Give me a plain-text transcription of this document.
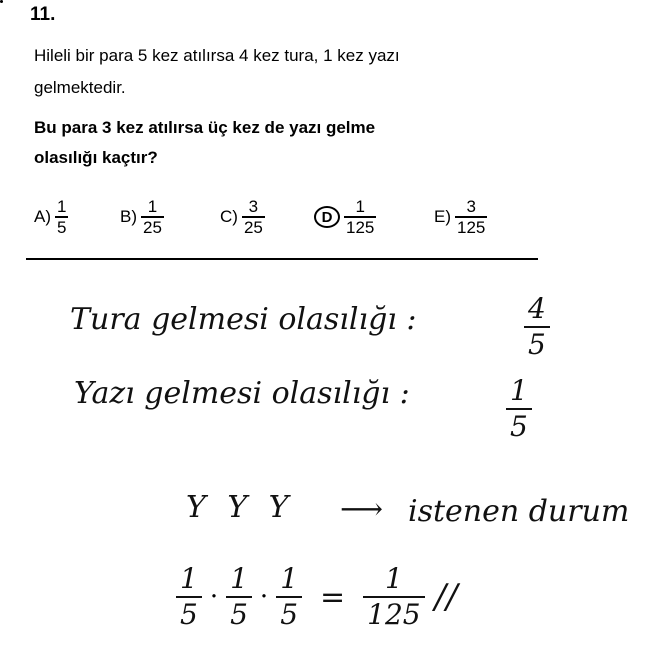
11.
Hileli bir para 5 kez atılırsa 4 kez tura, 1 kez yazı
gelmektedir.
Bu para 3 kez atılırsa üç kez de yazı gelme
olasılığı kaçtır?
$A) \frac{1}{5}$	$B) \frac{1}{25}$	$C) \frac{3}{25}$	D $\frac{1}{125}$	$E) \frac{3}{125}$
Tura gelmesi olasılığı :	$\frac{4}{5}$
Yazı gelmesi olasılığı :	$\frac{1}{5}$
Y Y Y ⟶ istenen durum
$\frac{1}{5} \cdot \frac{1}{5} \cdot \frac{1}{5} = \frac{1}{125}$ //
